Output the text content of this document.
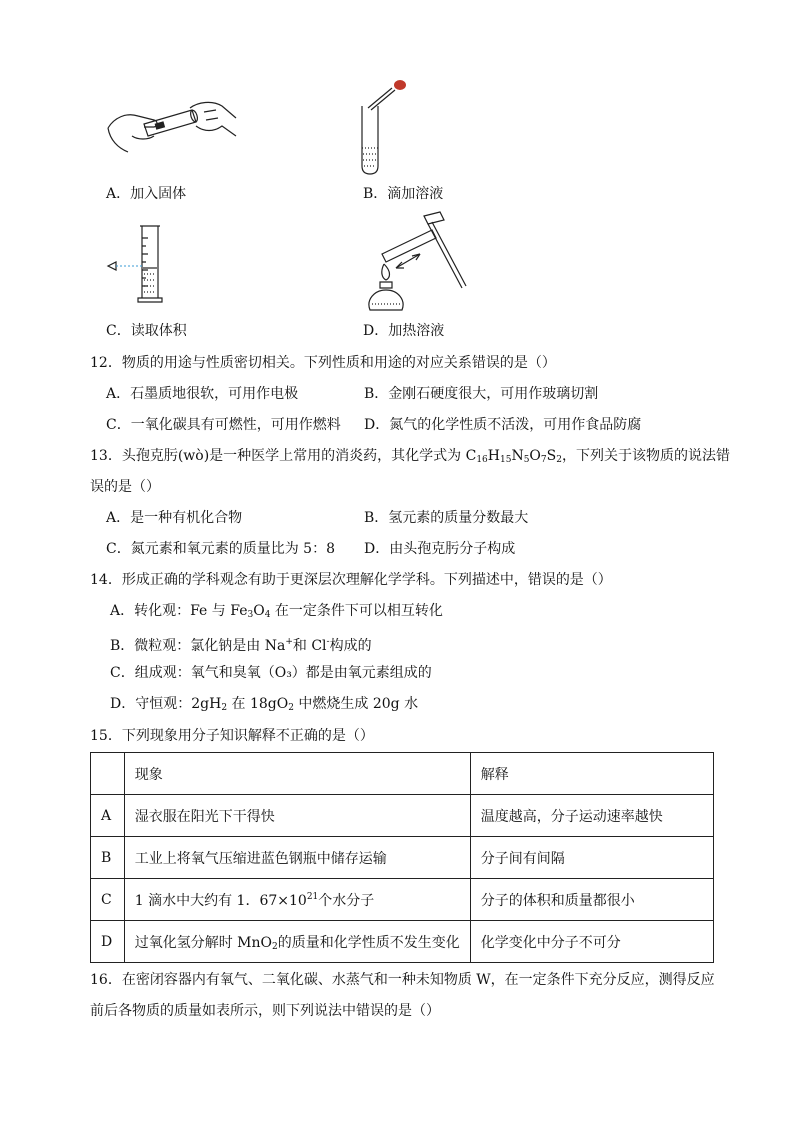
A．加入固体	B．滴加溶液
C．读取体积	D．加热溶液
12．物质的用途与性质密切相关。下列性质和用途的对应关系错误的是（）
A．石墨质地很软，可用作电极	B．金刚石硬度很大，可用作玻璃切割
C．一氧化碳具有可燃性，可用作燃料 D．氮气的化学性质不活泼，可用作食品防腐
13．头孢克肟(wò)是一种医学上常用的消炎药，其化学式为 $C_{16}H_{15}N_5O_7S_2$，下列关于该物质的说法错
误的是（）
A．是一种有机化合物	B．氢元素的质量分数最大
C．氮元素和氧元素的质量比为 5：8 D．由头孢克肟分子构成
14．形成正确的学科观念有助于更深层次理解化学学科。下列描述中，错误的是（）
A．转化观：Fe 与 $Fe_3O_4$ 在一定条件下可以相互转化
B．微粒观：氯化钠是由 Na+和 Cl-构成的
C．组成观：氧气和臭氧（O₃）都是由氧元素组成的
D．守恒观：$2gH_2$ 在 $18gO_2$ 中燃烧生成 20g 水
15．下列现象用分子知识解释不正确的是（）
	现象	解释
A	湿衣服在阳光下干得快	温度越高，分子运动速率越快
B	工业上将氧气压缩进蓝色钢瓶中储存运输	分子间有间隔
C	1 滴水中大约有 1．$67\times 10^{21}$个水分子	分子的体积和质量都很小
D	过氧化氢分解时 MnO$_2$的质量和化学性质不发生变化	化学变化中分子不可分
16．在密闭容器内有氧气、二氧化碳、水蒸气和一种未知物质 W，在一定条件下充分反应，测得反应
前后各物质的质量如表所示，则下列说法中错误的是（）
